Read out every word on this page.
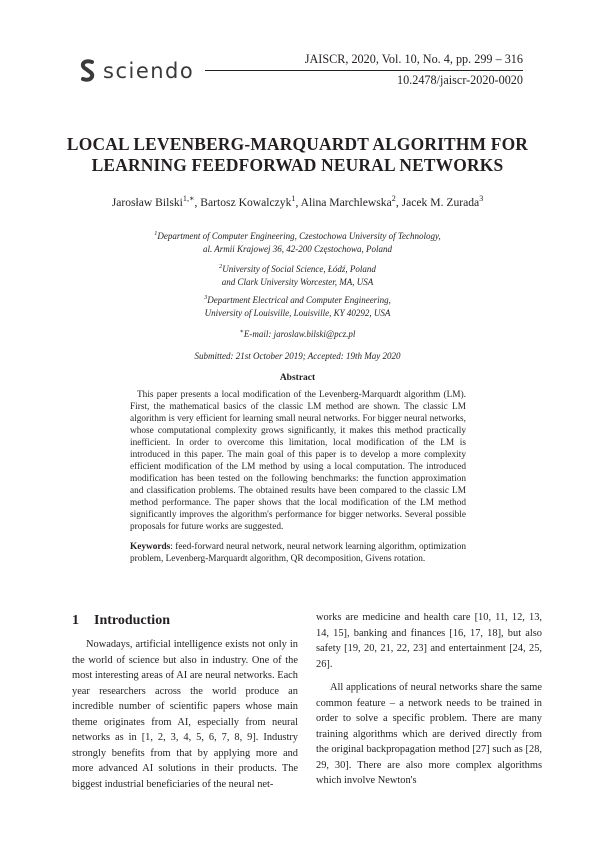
sciendo	JAISCR, 2020, Vol. 10, No. 4, pp. 299 – 316
10.2478/jaiscr-2020-0020
LOCAL LEVENBERG-MARQUARDT ALGORITHM FOR
LEARNING FEEDFORWAD NEURAL NETWORKS
Jarosław Bilski$^{1,∗}$, Bartosz Kowalczyk$^1$, Alina Marchlewska$^2$, Jacek M. Zurada$^3$
$^1$Department of Computer Engineering, Czestochowa University of Technology,
al. Armii Krajowej 36, 42-200 Częstochowa, Poland
$^2$University of Social Science, Łódź, Poland
and Clark University Worcester, MA, USA
$^3$Department Electrical and Computer Engineering,
University of Louisville, Louisville, KY 40292, USA
∗E-mail: jaroslaw.bilski@pcz.pl
Submitted: 21st October 2019; Accepted: 19th May 2020
Abstract

This paper presents a local modification of the Levenberg-Marquardt algorithm (LM). First, the mathematical basics of the classic LM method are shown. The classic LM algorithm is very efficient for learning small neural networks. For bigger neural networks, whose computational complexity grows significantly, it makes this method practically inefficient. In order to overcome this limitation, local modification of the LM is introduced in this paper. The main goal of this paper is to develop a more complexity efficient modification of the LM method by using a local computation. The introduced modification has been tested on the following benchmarks: the function approximation and classification problems. The obtained results have been compared to the classic LM method performance. The paper shows that the local modification of the LM method significantly improves the algorithm's performance for bigger networks. Several possible proposals for future works are suggested.

Keywords: feed-forward neural network, neural network learning algorithm, optimization problem, Levenberg-Marquardt algorithm, QR decomposition, Givens rotation.
1 Introduction

Nowadays, artificial intelligence exists not only in the world of science but also in industry. One of the most interesting areas of AI are neural networks. Each year researchers across the world produce an incredible number of scientific papers whose main theme originates from AI, especially from neural networks as in [1, 2, 3, 4, 5, 6, 7, 8, 9]. Industry strongly benefits from that by applying more and more advanced AI solutions in their products. The biggest industrial beneficiaries of the neural net-

works are medicine and health care [10, 11, 12, 13, 14, 15], banking and finances [16, 17, 18], but also safety [19, 20, 21, 22, 23] and entertainment [24, 25, 26].

All applications of neural networks share the same common feature – a network needs to be trained in order to solve a specific problem. There are many training algorithms which are derived directly from the original backpropagation method [27] such as [28, 29, 30]. There are also more complex algorithms which involve Newton's
